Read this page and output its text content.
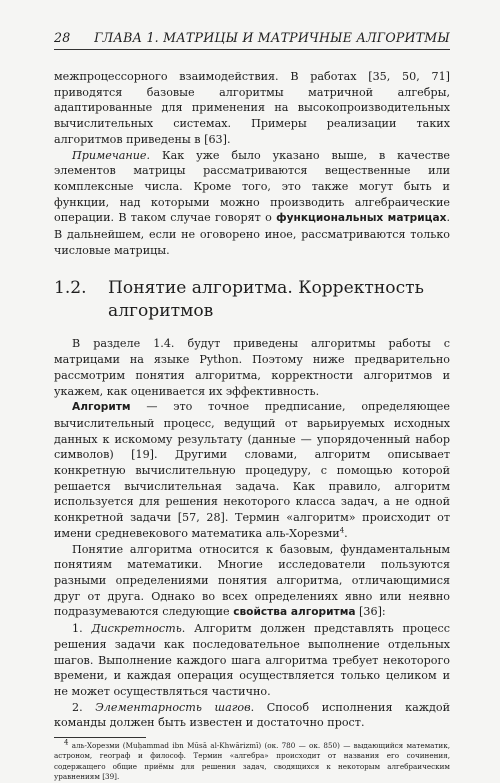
28 ГЛАВА 1. МАТРИЦЫ И МАТРИЧНЫЕ АЛГОРИТМЫ

межпроцессорного взаимодействия. В работах [35, 50, 71] приводятся базовые алгоритмы матричной алгебры, адаптированные для применения на высокопроизводительных вычислительных системах. Примеры реализации таких алгоритмов приведены в [63].

Примечание. Как уже было указано выше, в качестве элементов матрицы рассматриваются вещественные или комплексные числа. Кроме того, это также могут быть и функции, над которыми можно производить алгебраические операции. В таком случае говорят о функциональных матрицах. В дальнейшем, если не оговорено иное, рассматриваются только числовые матрицы.

1.2.	Понятие алгоритма. Корректность алгоритмов

В разделе 1.4. будут приведены алгоритмы работы с матрицами на языке Python. Поэтому ниже предварительно рассмотрим понятия алгоритма, корректности алгоритмов и укажем, как оценивается их эффективность.

Алгоритм — это точное предписание, определяющее вычислительный процесс, ведущий от варьируемых исходных данных к искомому результату (данные — упорядоченный набор символов) [19]. Другими словами, алгоритм описывает конкретную вычислительную процедуру, с помощью которой решается вычислительная задача. Как правило, алгоритм используется для решения некоторого класса задач, а не одной конкретной задачи [57, 28]. Термин «алгоритм» происходит от имени средневекового математика аль-Хорезми$^4$.

Понятие алгоритма относится к базовым, фундаментальным понятиям математики. Многие исследователи пользуются разными определениями понятия алгоритма, отличающимися друг от друга. Однако во всех определениях явно или неявно подразумеваются следующие свойства алгоритма [36]:

1. Дискретность. Алгоритм должен представлять процесс решения задачи как последовательное выполнение отдельных шагов. Выполнение каждого шага алгоритма требует некоторого времени, и каждая операция осуществляется только целиком и не может осуществляться частично.

2. Элементарность шагов. Способ исполнения каждой команды должен быть известен и достаточно прост.

$^4$ аль-Хорезми (Muḥammad ibn Mūsā al-Khwārizmī) (ок. 780 — ок. 850) — выдающийся математик, астроном, географ и философ. Термин «алгебра» происходит от названия его сочинения, содержащего общие приёмы для решения задач, сводящихся к некоторым алгебраическим уравнениям [39].
